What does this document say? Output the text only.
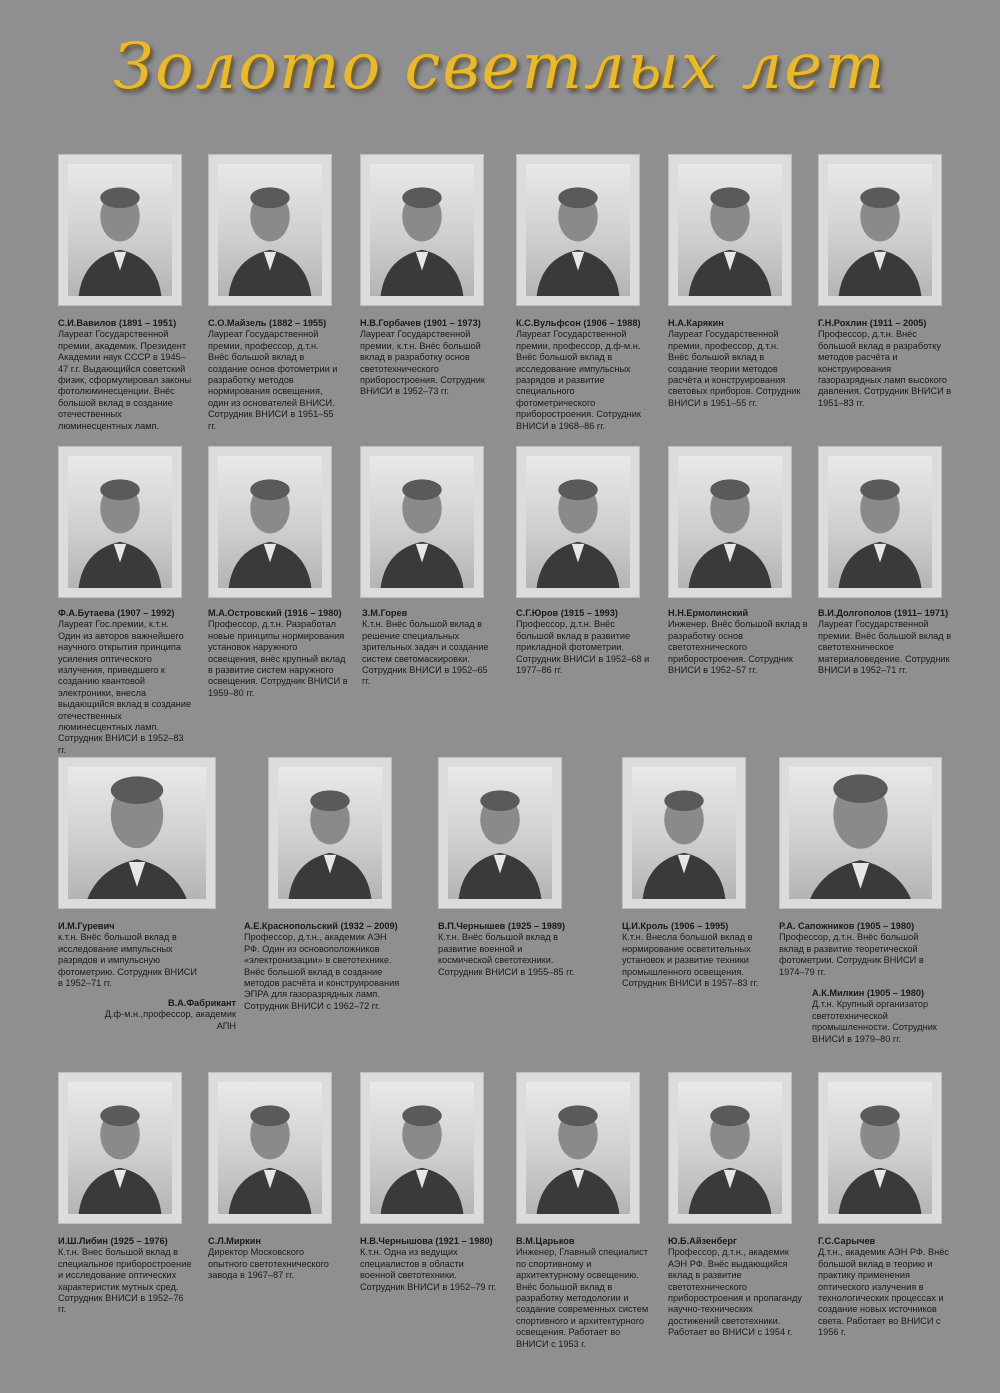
Золото светлых лет
С.И.Вавилов (1891 – 1951)
Лауреат Государственной премии, академик. Президент Академии наук СССР в 1945–47 г.г. Выдающийся советский физик, сформулировал законы фотолюминесценции. Внёс большой вклад в создание отечественных люминесцентных ламп.
С.О.Майзель (1882 – 1955)
Лауреат Государственной премии, профессор, д.т.н. Внёс большой вклад в создание основ фотометрии и разработку методов нормирования освещения, один из основателей ВНИСИ. Сотрудник ВНИСИ в 1951–55 гг.
Н.В.Горбачев (1901 – 1973)
Лауреат Государственной премии, к.т.н. Внёс большой вклад в разработку основ светотехнического приборостроения. Сотрудник ВНИСИ в 1952–73 гг.
К.С.Вульфсон (1906 – 1988)
Лауреат Государственной премии, профессор, д.ф-м.н. Внёс большой вклад в исследование импульсных разрядов и развитие специального фотометрического приборостроения. Сотрудник ВНИСИ в 1968–86 гг.
Н.А.Карякин
Лауреат Государственной премии, профессор, д.т.н. Внёс большой вклад в создание теории методов расчёта и конструирования световых приборов. Сотрудник ВНИСИ в 1951–55 гг.
Г.Н.Рохлин (1911 – 2005)
Профессор, д.т.н. Внёс большой вклад в разработку методов расчёта и конструирования газоразрядных ламп высокого давления. Сотрудник ВНИСИ в 1951–83 гг.
Ф.А.Бутаева (1907 – 1992)
Лауреат Гос.премии, к.т.н. Один из авторов важнейшего научного открытия принципа усиления оптического излучения, приведшего к созданию квантовой электроники, внесла выдающийся вклад в создание отечественных люминесцентных ламп. Сотрудник ВНИСИ в 1952–83 гг.
М.А.Островский (1916 – 1980)
Профессор, д.т.н. Разработал новые принципы нормирования установок наружного освещения, внёс крупный вклад в развитие систем наружного освещения. Сотрудник ВНИСИ в 1959–80 гг.
З.М.Горев
К.т.н. Внёс большой вклад в решение специальных зрительных задач и создание систем светомаскировки. Сотрудник ВНИСИ в 1952–65 гг.
С.Г.Юров (1915 – 1993)
Профессор, д.т.н. Внёс большой вклад в развитие прикладной фотометрии. Сотрудник ВНИСИ в 1952–68 и 1977–86 гг.
Н.Н.Ермолинский
Инженер. Внёс большой вклад в разработку основ светотехнического приборостроения. Сотрудник ВНИСИ в 1952–57 гг.
В.И.Долгополов (1911– 1971)
Лауреат Государственной премии. Внёс большой вклад в светотехническое материаловедение. Сотрудник ВНИСИ в 1952–71 гг.
И.М.Гуревич
к.т.н. Внёс большой вклад в исследование импульсных разрядов и импульсную фотометрию. Сотрудник ВНИСИ в 1952–71 гг.
В.А.Фабрикант
Д.ф-м.н.,профессор, академик АПН
А.Е.Краснопольский (1932 – 2009)
Профессор, д.т.н., академик АЭН РФ. Один из основоположников «электронизации» в светотехнике. Внёс большой вклад в создание методов расчёта и конструирования ЭПРА для газоразрядных ламп. Сотрудник ВНИСИ с 1962–72 гг.
В.П.Чернышев (1925 – 1989)
К.т.н. Внёс большой вклад в развитие военной и космической светотехники. Сотрудник ВНИСИ в 1955–85 гг.
Ц.И.Кроль (1906 – 1995)
К.т.н. Внесла большой вклад в нормирование осветительных установок и развитие техники промышленного освещения. Сотрудник ВНИСИ в 1957–83 гг.
Р.А. Сапожников (1905 – 1980)
Профессор, д.т.н. Внёс большой вклад в развитие теоретической фотометрии. Сотрудник ВНИСИ в 1974–79 гг.
А.К.Милкин (1905 – 1980)
Д.т.н. Крупный организатор светотехнической промышленности. Сотрудник ВНИСИ в 1979–80 гг.
И.Ш.Либин (1925 – 1976)
К.т.н. Внес большой вклад в специальное приборостроение и исследование оптических характеристик мутных сред. Сотрудник ВНИСИ в 1952–76 гг.
С.Л.Миркин
Директор Московского опытного светотехнического завода в 1967–87 гг.
Н.В.Чернышова (1921 – 1980)
К.т.н. Одна из ведущих специалистов в области военной светотехники. Сотрудник ВНИСИ в 1952–79 гг.
В.М.Царьков
Инженер, Главный специалист по спортивному и архитектурному освещению. Внёс большой вклад в разработку методологии и создание современных систем спортивного и архитектурного освещения. Работает во ВНИСИ с 1953 г.
Ю.Б.Айзенберг
Профессор, д.т.н., академик АЭН РФ. Внёс выдающийся вклад в развитие светотехнического приборостроения и пропаганду научно-технических достижений светотехники. Работает во ВНИСИ с 1954 г.
Г.С.Сарычев
Д.т.н., академик АЭН РФ. Внёс большой вклад в теорию и практику применения оптического излучения в технологических процессах и создание новых источников света. Работает во ВНИСИ с 1956 г.
